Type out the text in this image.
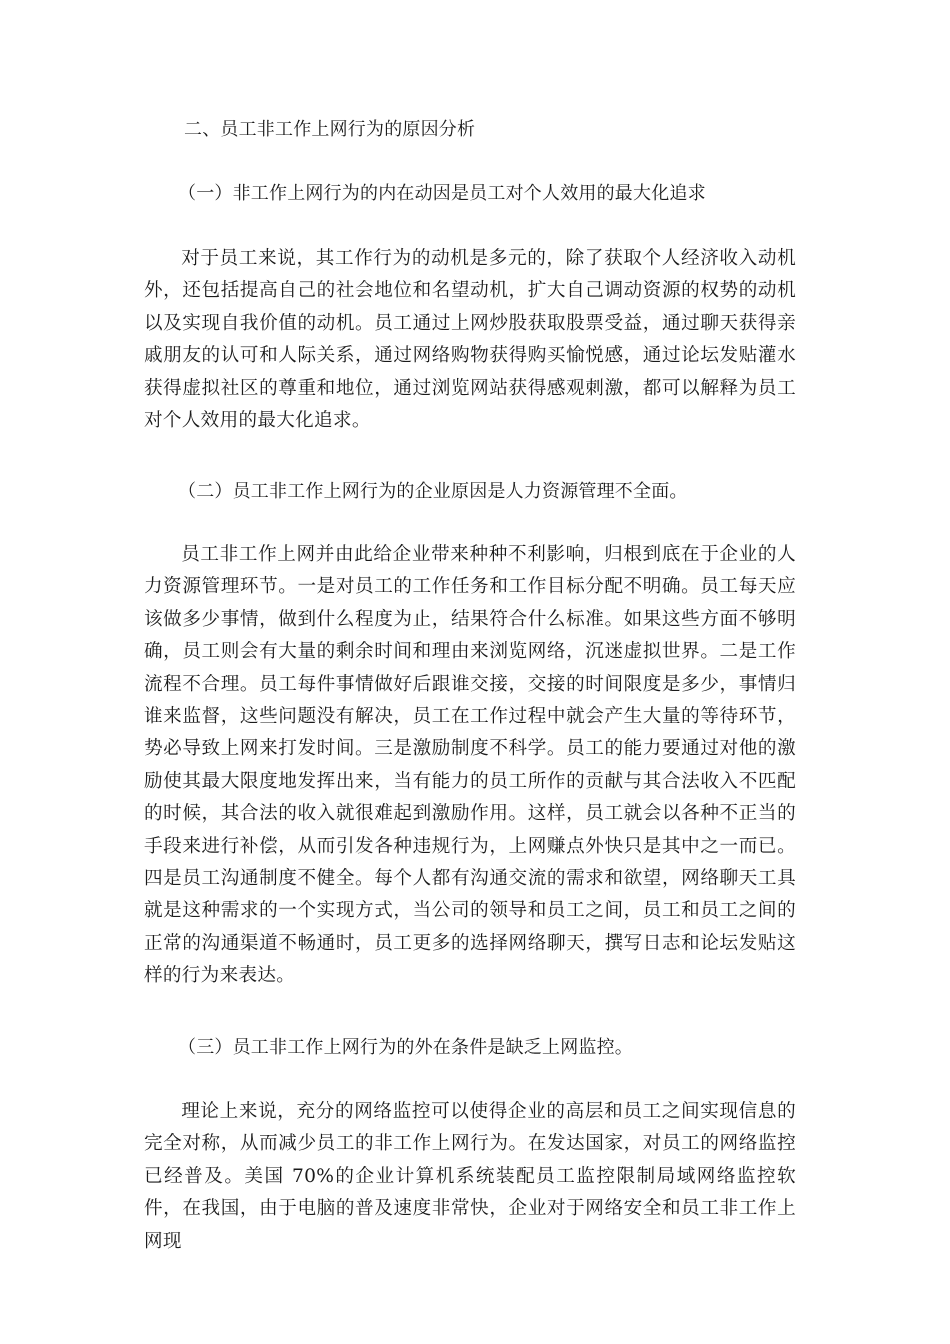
二、员工非工作上网行为的原因分析
（一）非工作上网行为的内在动因是员工对个人效用的最大化追求

对于员工来说，其工作行为的动机是多元的，除了获取个人经济收入动机外，还包括提高自己的社会地位和名望动机，扩大自己调动资源的权势的动机以及实现自我价值的动机。员工通过上网炒股获取股票受益，通过聊天获得亲戚朋友的认可和人际关系，通过网络购物获得购买愉悦感，通过论坛发贴灌水获得虚拟社区的尊重和地位，通过浏览网站获得感观刺激，都可以解释为员工对个人效用的最大化追求。

（二）员工非工作上网行为的企业原因是人力资源管理不全面。

员工非工作上网并由此给企业带来种种不利影响，归根到底在于企业的人力资源管理环节。一是对员工的工作任务和工作目标分配不明确。员工每天应该做多少事情，做到什么程度为止，结果符合什么标准。如果这些方面不够明确，员工则会有大量的剩余时间和理由来浏览网络，沉迷虚拟世界。二是工作流程不合理。员工每件事情做好后跟谁交接，交接的时间限度是多少，事情归谁来监督，这些问题没有解决，员工在工作过程中就会产生大量的等待环节，势必导致上网来打发时间。三是激励制度不科学。员工的能力要通过对他的激励使其最大限度地发挥出来，当有能力的员工所作的贡献与其合法收入不匹配的时候，其合法的收入就很难起到激励作用。这样，员工就会以各种不正当的手段来进行补偿，从而引发各种违规行为，上网赚点外快只是其中之一而已。四是员工沟通制度不健全。每个人都有沟通交流的需求和欲望，网络聊天工具就是这种需求的一个实现方式，当公司的领导和员工之间，员工和员工之间的正常的沟通渠道不畅通时，员工更多的选择网络聊天，撰写日志和论坛发贴这样的行为来表达。

（三）员工非工作上网行为的外在条件是缺乏上网监控。

理论上来说，充分的网络监控可以使得企业的高层和员工之间实现信息的完全对称，从而减少员工的非工作上网行为。在发达国家，对员工的网络监控已经普及。美国 70%的企业计算机系统装配员工监控限制局域网络监控软件，在我国，由于电脑的普及速度非常快，企业对于网络安全和员工非工作上网现
